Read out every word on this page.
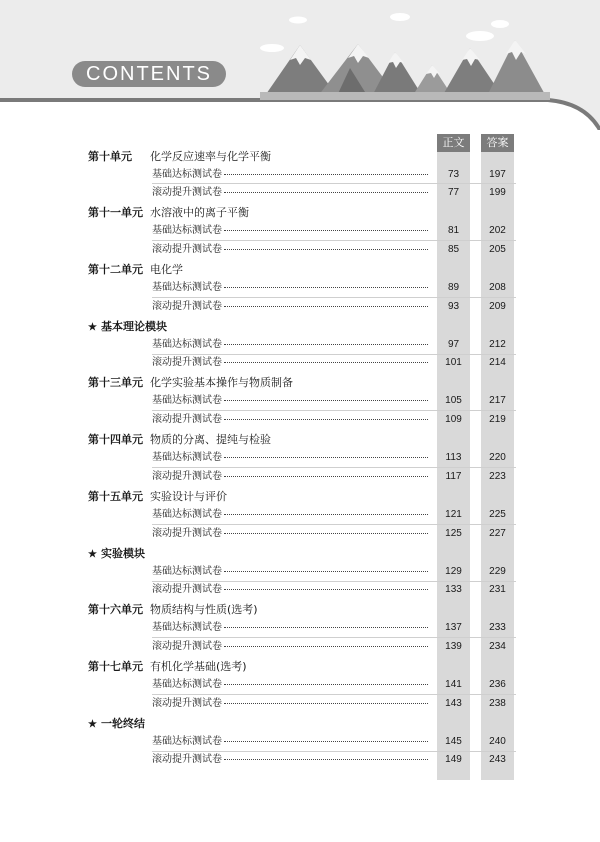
CONTENTS
正文	答案
第十单元 化学反应速率与化学平衡
基础达标测试卷	73	197
滚动提升测试卷	77	199
第十一单元 水溶液中的离子平衡
基础达标测试卷	81	202
滚动提升测试卷	85	205
第十二单元 电化学
基础达标测试卷	89	208
滚动提升测试卷	93	209
★ 基本理论模块
基础达标测试卷	97	212
滚动提升测试卷	101	214
第十三单元 化学实验基本操作与物质制备
基础达标测试卷	105	217
滚动提升测试卷	109	219
第十四单元 物质的分离、提纯与检验
基础达标测试卷	113	220
滚动提升测试卷	117	223
第十五单元 实验设计与评价
基础达标测试卷	121	225
滚动提升测试卷	125	227
★ 实验模块
基础达标测试卷	129	229
滚动提升测试卷	133	231
第十六单元 物质结构与性质(选考)
基础达标测试卷	137	233
滚动提升测试卷	139	234
第十七单元 有机化学基础(选考)
基础达标测试卷	141	236
滚动提升测试卷	143	238
★ 一轮终结
基础达标测试卷	145	240
滚动提升测试卷	149	243
